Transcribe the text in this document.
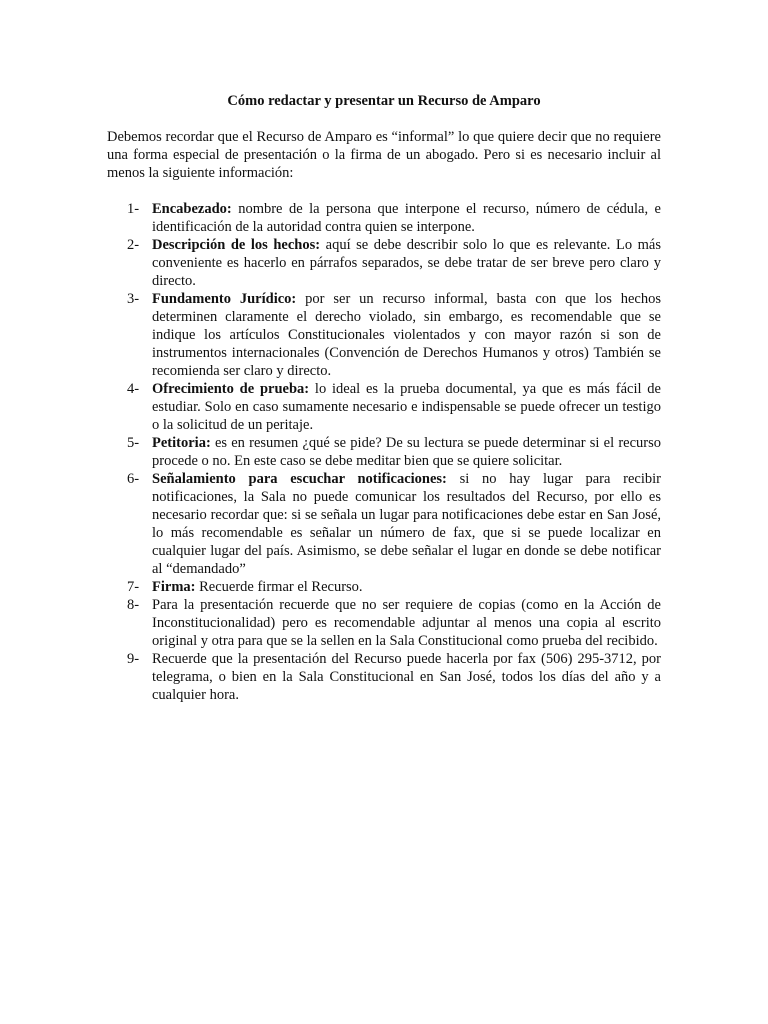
Cómo redactar y presentar un Recurso de Amparo
Debemos recordar que el Recurso de Amparo es “informal” lo que quiere decir que no requiere una forma especial de presentación o la firma de un abogado. Pero si es necesario incluir al menos la siguiente información:
1- Encabezado: nombre de la persona que interpone el recurso, número de cédula, e identificación de la autoridad contra quien se interpone.
2- Descripción de los hechos: aquí se debe describir solo lo que es relevante. Lo más conveniente es hacerlo en párrafos separados, se debe tratar de ser breve pero claro y directo.
3- Fundamento Jurídico: por ser un recurso informal, basta con que los hechos determinen claramente el derecho violado, sin embargo, es recomendable que se indique los artículos Constitucionales violentados y con mayor razón si son de instrumentos internacionales (Convención de Derechos Humanos y otros) También se recomienda ser claro y directo.
4- Ofrecimiento de prueba: lo ideal es la prueba documental, ya que es más fácil de estudiar. Solo en caso sumamente necesario e indispensable se puede ofrecer un testigo o la solicitud de un peritaje.
5- Petitoria: es en resumen ¿qué se pide? De su lectura se puede determinar si el recurso procede o no. En este caso se debe meditar bien que se quiere solicitar.
6- Señalamiento para escuchar notificaciones: si no hay lugar para recibir notificaciones, la Sala no puede comunicar los resultados del Recurso, por ello es necesario recordar que: si se señala un lugar para notificaciones debe estar en San José, lo más recomendable es señalar un número de fax, que si se puede localizar en cualquier lugar del país. Asimismo, se debe señalar el lugar en donde se debe notificar al “demandado”
7- Firma: Recuerde firmar el Recurso.
8- Para la presentación recuerde que no ser requiere de copias (como en la Acción de Inconstitucionalidad) pero es recomendable adjuntar al menos una copia al escrito original y otra para que se la sellen en la Sala Constitucional como prueba del recibido.
9- Recuerde que la presentación del Recurso puede hacerla por fax (506) 295-3712, por telegrama, o bien en la Sala Constitucional en San José, todos los días del año y a cualquier hora.
